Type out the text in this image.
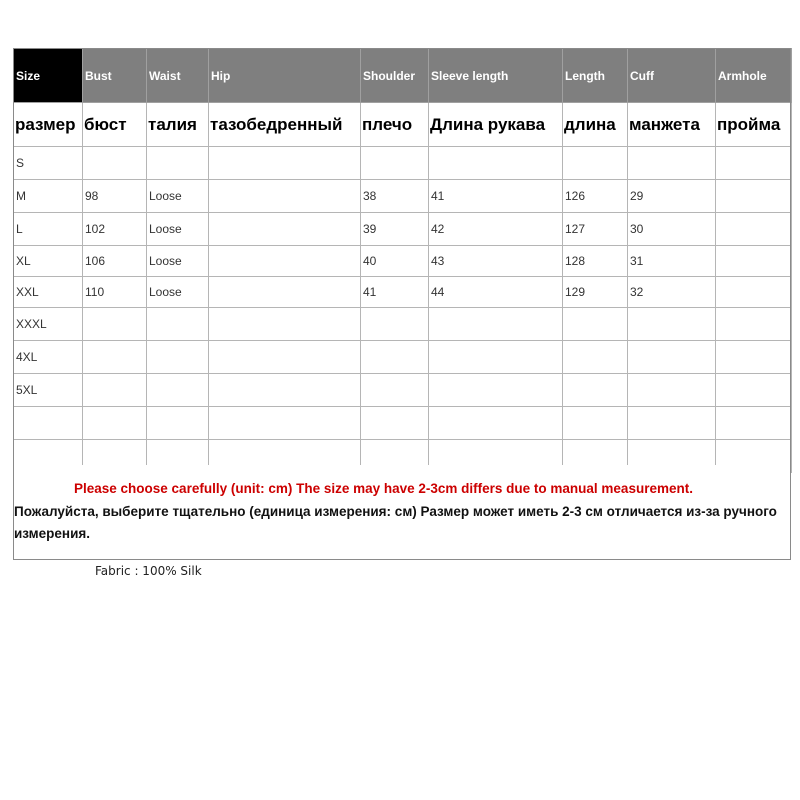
Size	Bust	Waist	Hip	Shoulder	Sleeve length	Length	Cuff	Armhole
размер	бюст	талия	тазобедренный	плечо	Длина рукава	длина	манжета	пройма
S								
M	98	Loose		38	41	126	29	
L	102	Loose		39	42	127	30	
XL	106	Loose		40	43	128	31	
XXL	110	Loose		41	44	129	32	
XXXL								
4XL								
5XL								

Please choose carefully (unit: cm) The size may have 2-3cm differs due to manual measurement.
Пожалуйста, выберите тщательно (единица измерения: см) Размер может иметь 2-3 см отличается из-за ручного измерения.
Fabric : 100% Silk
